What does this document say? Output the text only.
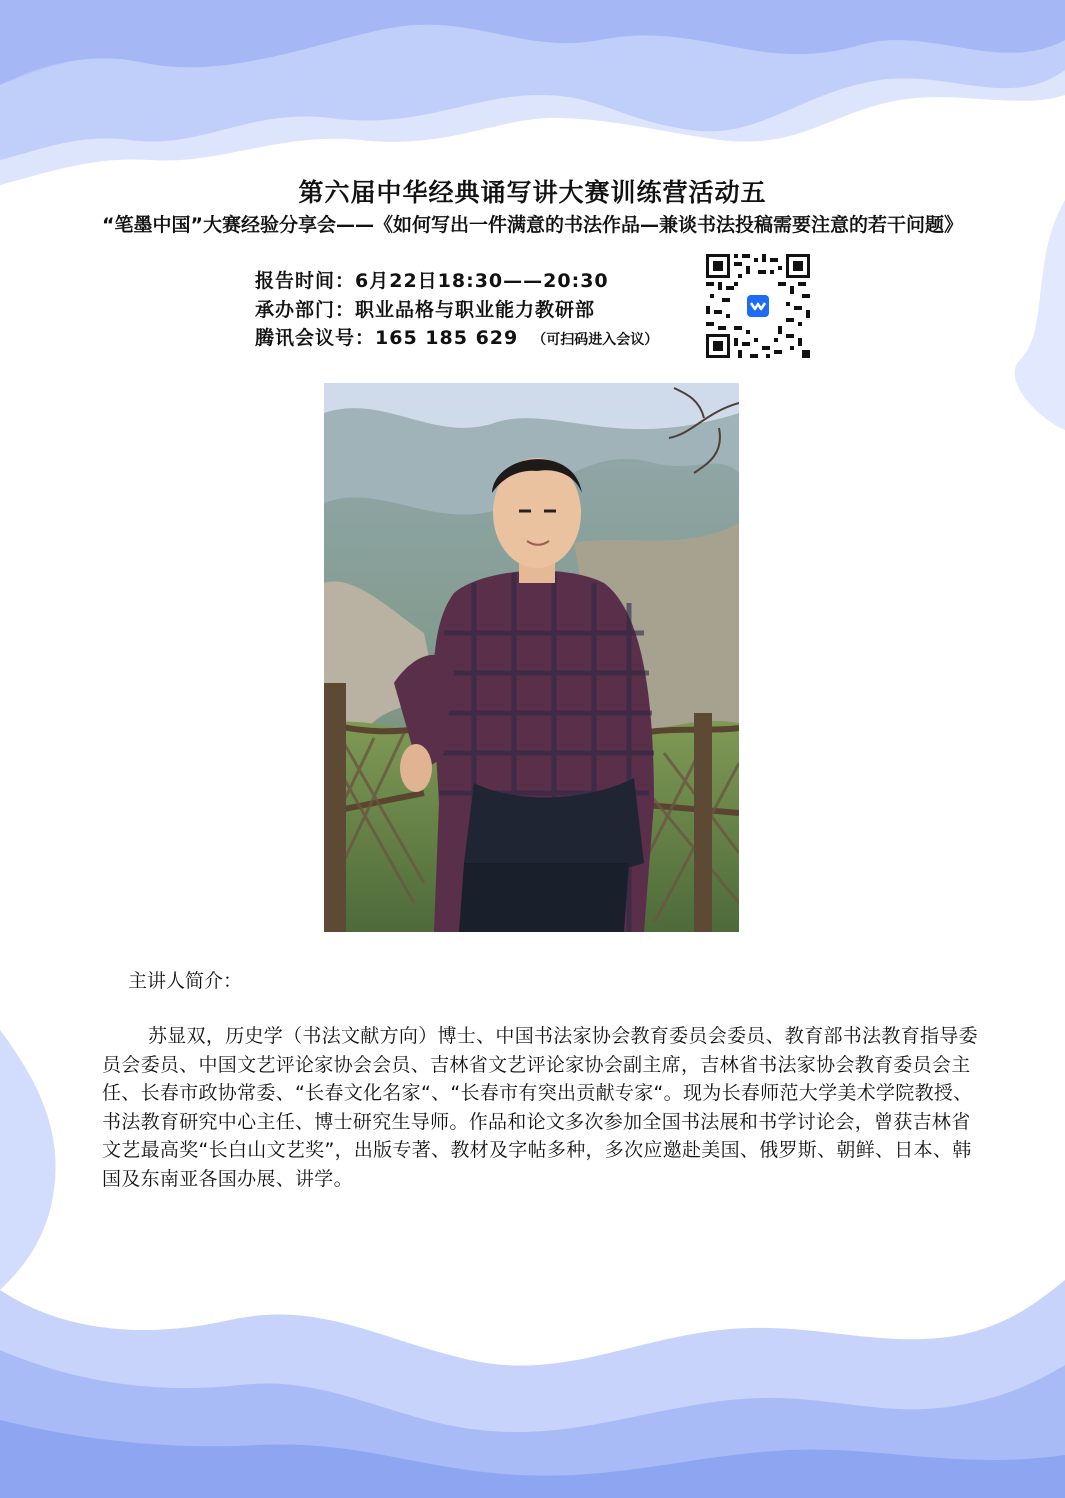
第六届中华经典诵写讲大赛训练营活动五
“笔墨中国”大赛经验分享会——《如何写出一件满意的书法作品—兼谈书法投稿需要注意的若干问题》
报告时间：6月22日18:30——20:30
承办部门：职业品格与职业能力教研部
腾讯会议号：165 185 629 （可扫码进入会议）
主讲人简介：

苏显双，历史学（书法文献方向）博士、中国书法家协会教育委员会委员、教育部书法教育指导委员会委员、中国文艺评论家协会会员、吉林省文艺评论家协会副主席，吉林省书法家协会教育委员会主任、长春市政协常委、“长春文化名家“、“长春市有突出贡献专家“。现为长春师范大学美术学院教授、书法教育研究中心主任、博士研究生导师。作品和论文多次参加全国书法展和书学讨论会，曾获吉林省文艺最高奖“长白山文艺奖”，出版专著、教材及字帖多种，多次应邀赴美国、俄罗斯、朝鲜、日本、韩国及东南亚各国办展、讲学。
